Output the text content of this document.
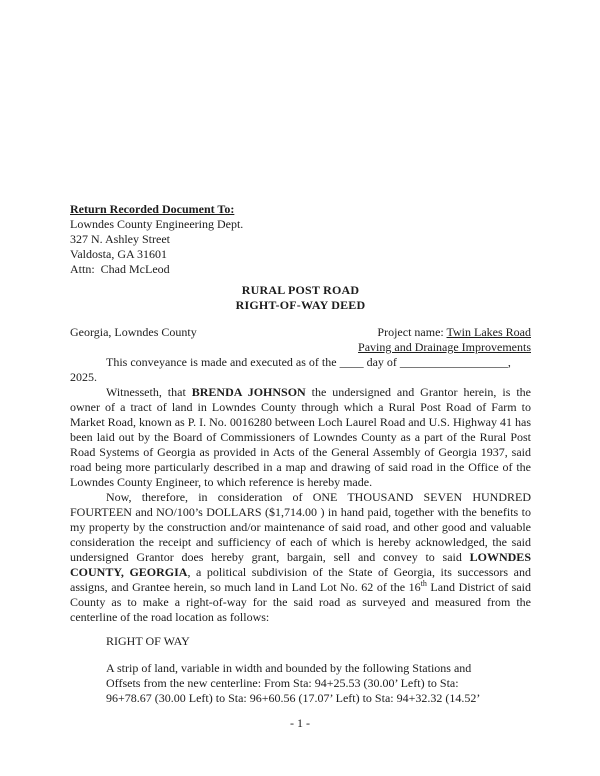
Return Recorded Document To:
Lowndes County Engineering Dept.
327 N. Ashley Street
Valdosta, GA 31601
Attn:  Chad McLeod
RURAL POST ROAD
RIGHT-OF-WAY DEED
Georgia, Lowndes County	Project name: Twin Lakes Road
Paving and Drainage Improvements

This conveyance is made and executed as of the ____ day of __________________, 2025.

Witnesseth, that BRENDA JOHNSON the undersigned and Grantor herein, is the owner of a tract of land in Lowndes County through which a Rural Post Road of Farm to Market Road, known as P. I. No. 0016280 between Loch Laurel Road and U.S. Highway 41 has been laid out by the Board of Commissioners of Lowndes County as a part of the Rural Post Road Systems of Georgia as provided in Acts of the General Assembly of Georgia 1937, said road being more particularly described in a map and drawing of said road in the Office of the Lowndes County Engineer, to which reference is hereby made.

Now, therefore, in consideration of ONE THOUSAND SEVEN HUNDRED FOURTEEN and NO/100’s DOLLARS ($1,714.00 ) in hand paid, together with the benefits to my property by the construction and/or maintenance of said road, and other good and valuable consideration the receipt and sufficiency of each of which is hereby acknowledged, the said undersigned Grantor does hereby grant, bargain, sell and convey to said LOWNDES COUNTY, GEORGIA, a political subdivision of the State of Georgia, its successors and assigns, and Grantee herein, so much land in Land Lot No. 62 of the 16th Land District of said County as to make a right-of-way for the said road as surveyed and measured from the centerline of the road location as follows:

RIGHT OF WAY
A strip of land, variable in width and bounded by the following Stations and
Offsets from the new centerline: From Sta: 94+25.53 (30.00’ Left) to Sta:
96+78.67 (30.00 Left) to Sta: 96+60.56 (17.07’ Left) to Sta: 94+32.32 (14.52’
- 1 -
